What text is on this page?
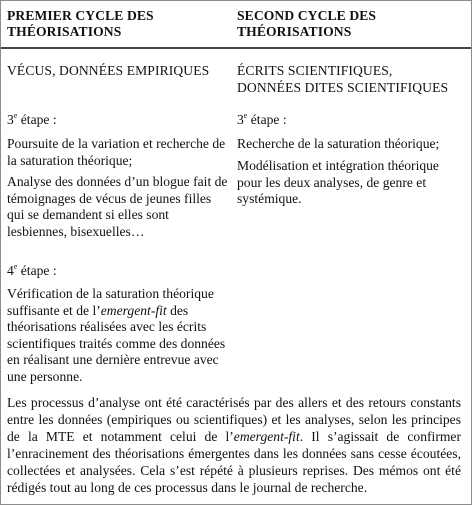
PREMIER CYCLE DES
THÉORISATIONS
SECOND CYCLE DES
THÉORISATIONS

VÉCUS, DONNÉES EMPIRIQUES	ÉCRITS SCIENTIFIQUES, DONNÉES DITES SCIENTIFIQUES

3e étape :

Poursuite de la variation et recherche de la saturation théorique;

Analyse des données d’un blogue fait de témoignages de vécus de jeunes filles qui se demandent si elles sont lesbiennes, bisexuelles…

4e étape :

Vérification de la saturation théorique suffisante et de l’emergent-fit des théorisations réalisées avec les écrits scientifiques traités comme des données en réalisant une dernière entrevue avec une personne.

3e étape :

Recherche de la saturation théorique;

Modélisation et intégration théorique pour les deux analyses, de genre et systémique.

Les processus d’analyse ont été caractérisés par des allers et des retours constants entre les données (empiriques ou scientifiques) et les analyses, selon les principes de la MTE et notamment celui de l’emergent-fit. Il s’agissait de confirmer l’enracinement des théorisations émergentes dans les données sans cesse écoutées, collectées et analysées. Cela s’est répété à plusieurs reprises. Des mémos ont été rédigés tout au long de ces processus dans le journal de recherche.
